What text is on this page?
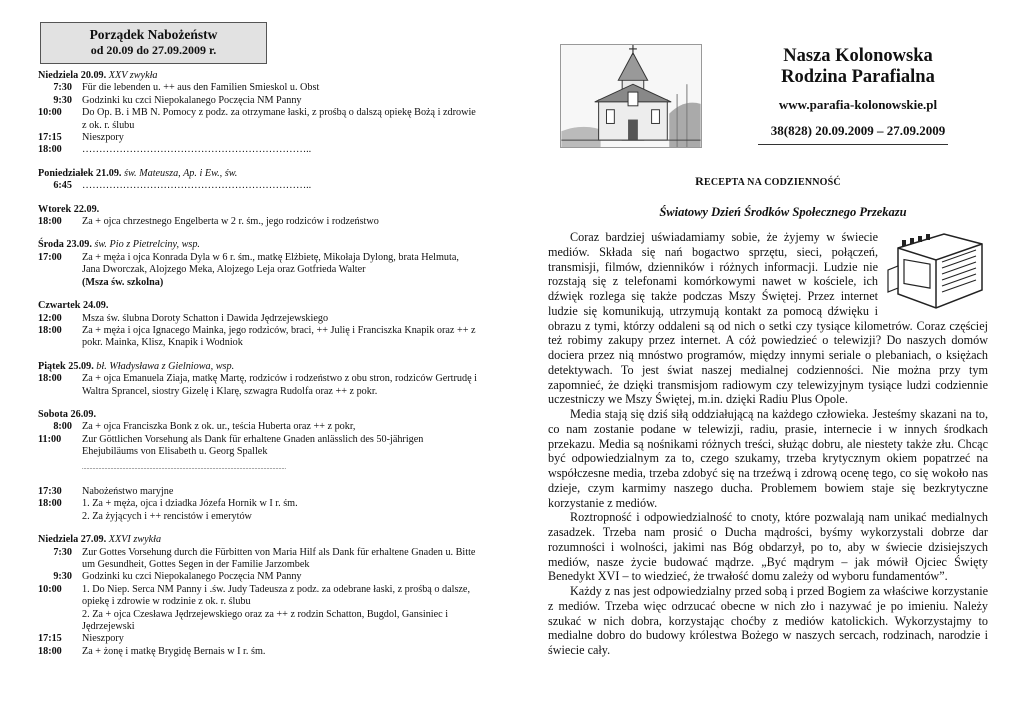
Porządek Nabożeństw
od 20.09 do 27.09.2009 r.
Niedziela 20.09. XXV zwykła
7:30 Für die lebenden u. ++ aus den Familien Smieskol u. Obst
9:30 Godzinki ku czci Niepokalanego Poczęcia NM Panny
10:00	Do Op. B. i MB N. Pomocy z podz. za otrzymane łaski, z prośbą o dalszą opiekę Bożą i zdrowie z ok. r. ślubu
17:15	Nieszpory
18:00	…………………………………………………………..
Poniedziałek 21.09. św. Mateusza, Ap. i Ew., św.
6:45 …………………………………………………………..
Wtorek 22.09.
18:00	Za + ojca chrzestnego Engelberta w 2 r. śm., jego rodziców i rodzeństwo
Środa 23.09. św. Pio z Pietrelciny, wsp.
17:00	Za + męża i ojca Konrada Dyla w 6 r. śm., matkę Elżbietę, Mikołaja Dylong, brata Helmuta, Jana Dworczak, Alojzego Meka, Alojzego Leja oraz Gotfrieda Walter
(Msza św. szkolna)
Czwartek 24.09.
12:00	Msza św. ślubna Doroty Schatton i Dawida Jędrzejewskiego
18:00	Za + męża i ojca Ignacego Mainka, jego rodziców, braci, ++ Julię i Franciszka Knapik oraz ++ z pokr. Mainka, Klisz, Knapik i Wodniok
Piątek 25.09. bł. Władysława z Gielniowa, wsp.
18:00	Za + ojca Emanuela Ziaja, matkę Martę, rodziców i rodzeństwo z obu stron, rodziców Gertrudę i Waltra Sprancel, siostry Gizelę i Klarę, szwagra Rudolfa oraz ++ z pokr.
Sobota 26.09.
8:00 Za + ojca Franciszka Bonk z ok. ur., teścia Huberta oraz ++ z pokr,
11:00	Zur Göttlichen Vorsehung als Dank für erhaltene Gnaden anlässlich des 50-jährigen Ehejubiläums von Elisabeth u. Georg Spallek
........................................................................................................................................
17:30	Nabożeństwo maryjne
18:00	1. Za + męża, ojca i dziadka Józefa Hornik w I r. śm.
2. Za żyjących i ++ rencistów i emerytów
Niedziela 27.09. XXVI zwykła
7:30 Zur Gottes Vorsehung durch die Fürbitten von Maria Hilf als Dank für erhaltene Gnaden u. Bitte um Gesundheit, Gottes Segen in der Familie Jarzombek
9:30 Godzinki ku czci Niepokalanego Poczęcia NM Panny
10:00	1. Do Niep. Serca NM Panny i .św. Judy Tadeusza z podz. za odebrane łaski, z prośbą o dalsze, opiekę i zdrowie w rodzinie z ok. r. ślubu
2. Za + ojca Czesława Jędrzejewskiego oraz za ++ z rodzin Schatton, Bugdol, Gansiniec i Jędrzejewski
17:15	Nieszpory
18:00	Za + żonę i matkę Brygidę Bernais w I r. śm.
Nasza Kolonowska
Rodzina Parafialna
www.parafia-kolonowskie.pl
38(828) 20.09.2009 – 27.09.2009
RECEPTA NA CODZIENNOŚĆ
Światowy Dzień Środków Społecznego Przekazu

Coraz bardziej uświadamiamy sobie, że żyjemy w świecie mediów. Składa się nań bogactwo sprzętu, sieci, połączeń, transmisji, filmów, dzienników i różnych informacji. Ludzie nie rozstają się z telefonami komórkowymi nawet w kościele, ich dźwięk rozlega się także podczas Mszy Świętej. Przez internet ludzie się komunikują, utrzymują kontakt za pomocą dźwięku i obrazu z tymi, którzy oddaleni są od nich o setki czy tysiące kilometrów. Coraz częściej też robimy zakupy przez internet. A cóż powiedzieć o telewizji? Do naszych domów dociera przez nią mnóstwo programów, między innymi seriale o plebaniach, o księżach detektywach. To jest świat naszej medialnej codzienności. Nie można przy tym zapomnieć, że dzięki transmisjom radiowym czy telewizyjnym tysiące ludzi codziennie uczestniczy we Mszy Świętej, m.in. dzięki Radiu Plus Opole.

Media stają się dziś siłą oddziałującą na każdego człowieka. Jesteśmy skazani na to, co nam zostanie podane w telewizji, radiu, prasie, internecie i w innych środkach przekazu. Media są nośnikami różnych treści, służąc dobru, ale niestety także złu. Chcąc być odpowiedzialnym za to, czego szukamy, trzeba krytycznym okiem popatrzeć na współczesne media, trzeba zdobyć się na trzeźwą i zdrową ocenę tego, co się wokoło nas dzieje, czym karmimy naszego ducha. Problemem bowiem staje się bezkrytyczne korzystanie z mediów.

Roztropność i odpowiedzialność to cnoty, które pozwalają nam unikać medialnych zasadzek. Trzeba nam prosić o Ducha mądrości, byśmy wykorzystali dobrze dar rozumności i wolności, jakimi nas Bóg obdarzył, po to, aby w świecie dzisiejszych mediów, nasze życie budować mądrze. „Być mądrym – jak mówił Ojciec Święty Benedykt XVI – to wiedzieć, że trwałość domu zależy od wyboru fundamentów”.

Każdy z nas jest odpowiedzialny przed sobą i przed Bogiem za właściwe korzystanie z mediów. Trzeba więc odrzucać obecne w nich zło i nazywać je po imieniu. Należy szukać w nich dobra, korzystając choćby z mediów katolickich. Wykorzystajmy to medialne dobro do budowy królestwa Bożego w naszych sercach, rodzinach, narodzie i świecie cały.
